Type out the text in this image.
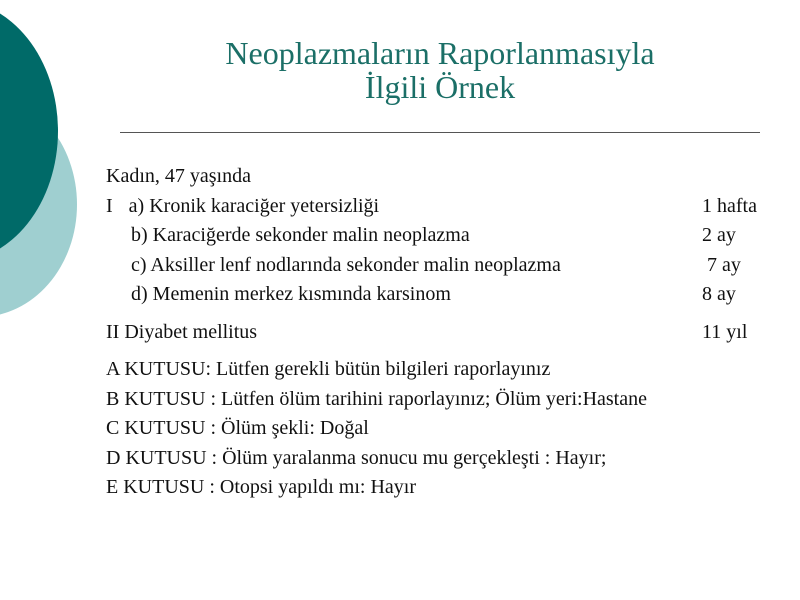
Neoplazmaların Raporlanmasıyla
İlgili Örnek
Kadın, 47 yaşında
I a) Kronik karaciğer yetersizliği	1 hafta
b) Karaciğerde sekonder malin neoplazma	2 ay
c) Aksiller lenf nodlarında sekonder malin neoplazma	7 ay
d) Memenin merkez kısmında karsinom	8 ay
II Diyabet mellitus	11 yıl
A KUTUSU: Lütfen gerekli bütün bilgileri raporlayınız
B KUTUSU : Lütfen ölüm tarihini raporlayınız; Ölüm yeri:Hastane
C KUTUSU : Ölüm şekli: Doğal
D KUTUSU : Ölüm yaralanma sonucu mu gerçekleşti : Hayır;
E KUTUSU : Otopsi yapıldı mı: Hayır
